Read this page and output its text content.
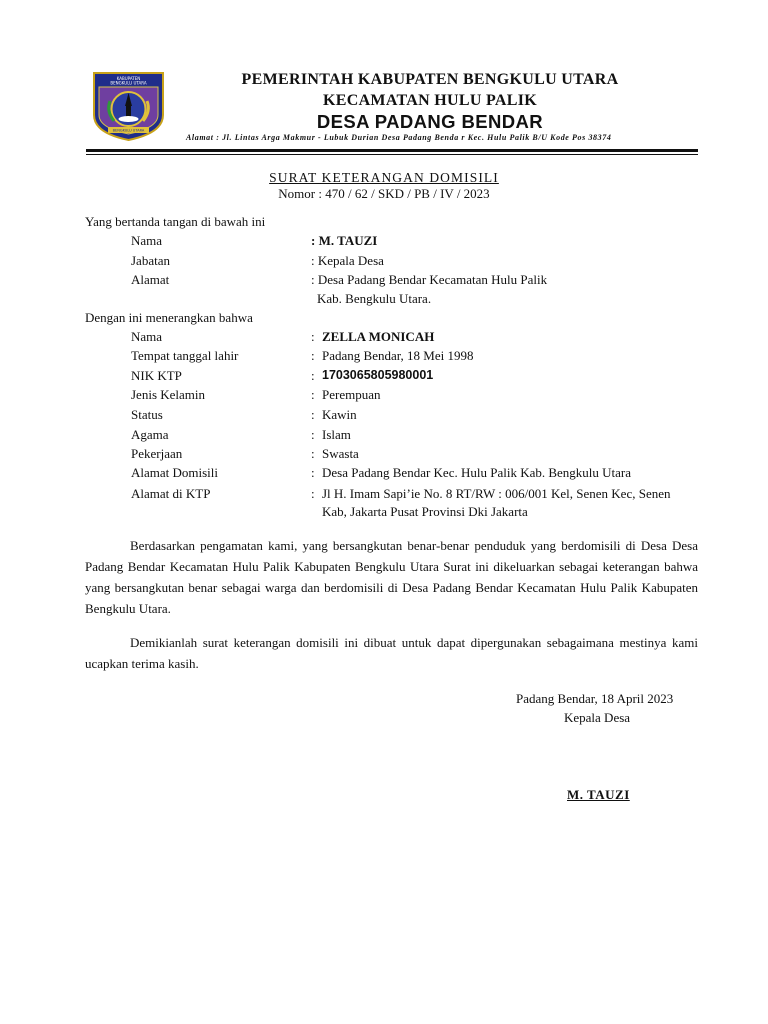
KABUPATEN
BENGKULU UTARA
BENGKULU UTARA
PEMERINTAH KABUPATEN BENGKULU UTARA
KECAMATAN HULU PALIK
DESA PADANG BENDAR
Alamat : Jl. Lintas Arga Makmur - Lubuk Durian Desa Padang Benda r Kec. Hulu Palik B/U Kode Pos 38374
SURAT KETERANGAN DOMISILI
Nomor : 470 / 62 / SKD / PB / IV / 2023
Yang bertanda tangan di bawah ini
Nama	: M. TAUZI
Jabatan	: Kepala Desa
Alamat	: Desa Padang Bendar Kecamatan Hulu Palik
Kab. Bengkulu Utara.
Dengan ini menerangkan bahwa
Nama	: ZELLA MONICAH
Tempat tanggal lahir	: Padang Bendar, 18 Mei 1998
NIK KTP	: 1703065805980001
Jenis Kelamin	: Perempuan
Status	: Kawin
Agama	: Islam
Pekerjaan	: Swasta
Alamat Domisili	: Desa Padang Bendar Kec. Hulu Palik Kab. Bengkulu Utara
Alamat di KTP	: Jl H. Imam Sapi’ie No. 8 RT/RW : 006/001 Kel, Senen Kec, Senen
Kab, Jakarta Pusat Provinsi Dki Jakarta
Berdasarkan pengamatan kami, yang bersangkutan benar-benar penduduk yang berdomisili di Desa Desa Padang Bendar Kecamatan Hulu Palik Kabupaten Bengkulu Utara Surat ini dikeluarkan sebagai keterangan bahwa yang bersangkutan benar sebagai warga dan berdomisili di Desa Padang Bendar Kecamatan Hulu Palik Kabupaten Bengkulu Utara.
Demikianlah surat keterangan domisili ini dibuat untuk dapat dipergunakan sebagaimana mestinya kami ucapkan terima kasih.
Padang Bendar, 18 April 2023
Kepala Desa
M. TAUZI
